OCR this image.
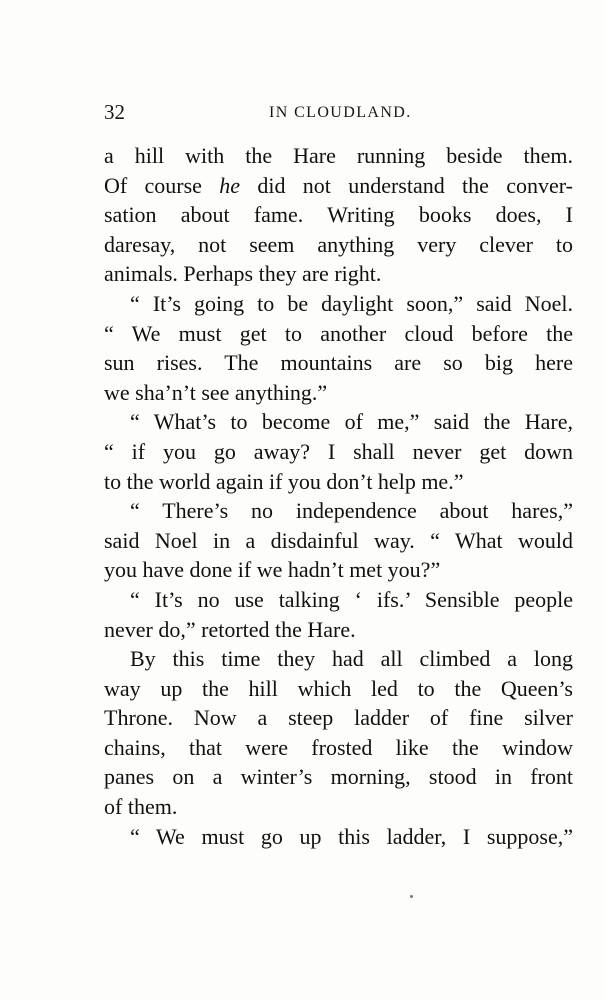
32	IN CLOUDLAND.
a hill with the Hare running beside them.
Of course he did not understand the conver-
sation about fame. Writing books does, I
daresay, not seem anything very clever to
animals. Perhaps they are right.
“ It’s going to be daylight soon,” said Noel.
“ We must get to another cloud before the
sun rises. The mountains are so big here
we sha’n’t see anything.”
“ What’s to become of me,” said the Hare,
“ if you go away? I shall never get down
to the world again if you don’t help me.”
“ There’s no independence about hares,”
said Noel in a disdainful way. “ What would
you have done if we hadn’t met you?”
“ It’s no use talking ‘ ifs.’ Sensible people
never do,” retorted the Hare.
By this time they had all climbed a long
way up the hill which led to the Queen’s
Throne. Now a steep ladder of fine silver
chains, that were frosted like the window
panes on a winter’s morning, stood in front
of them.
“ We must go up this ladder, I suppose,”
